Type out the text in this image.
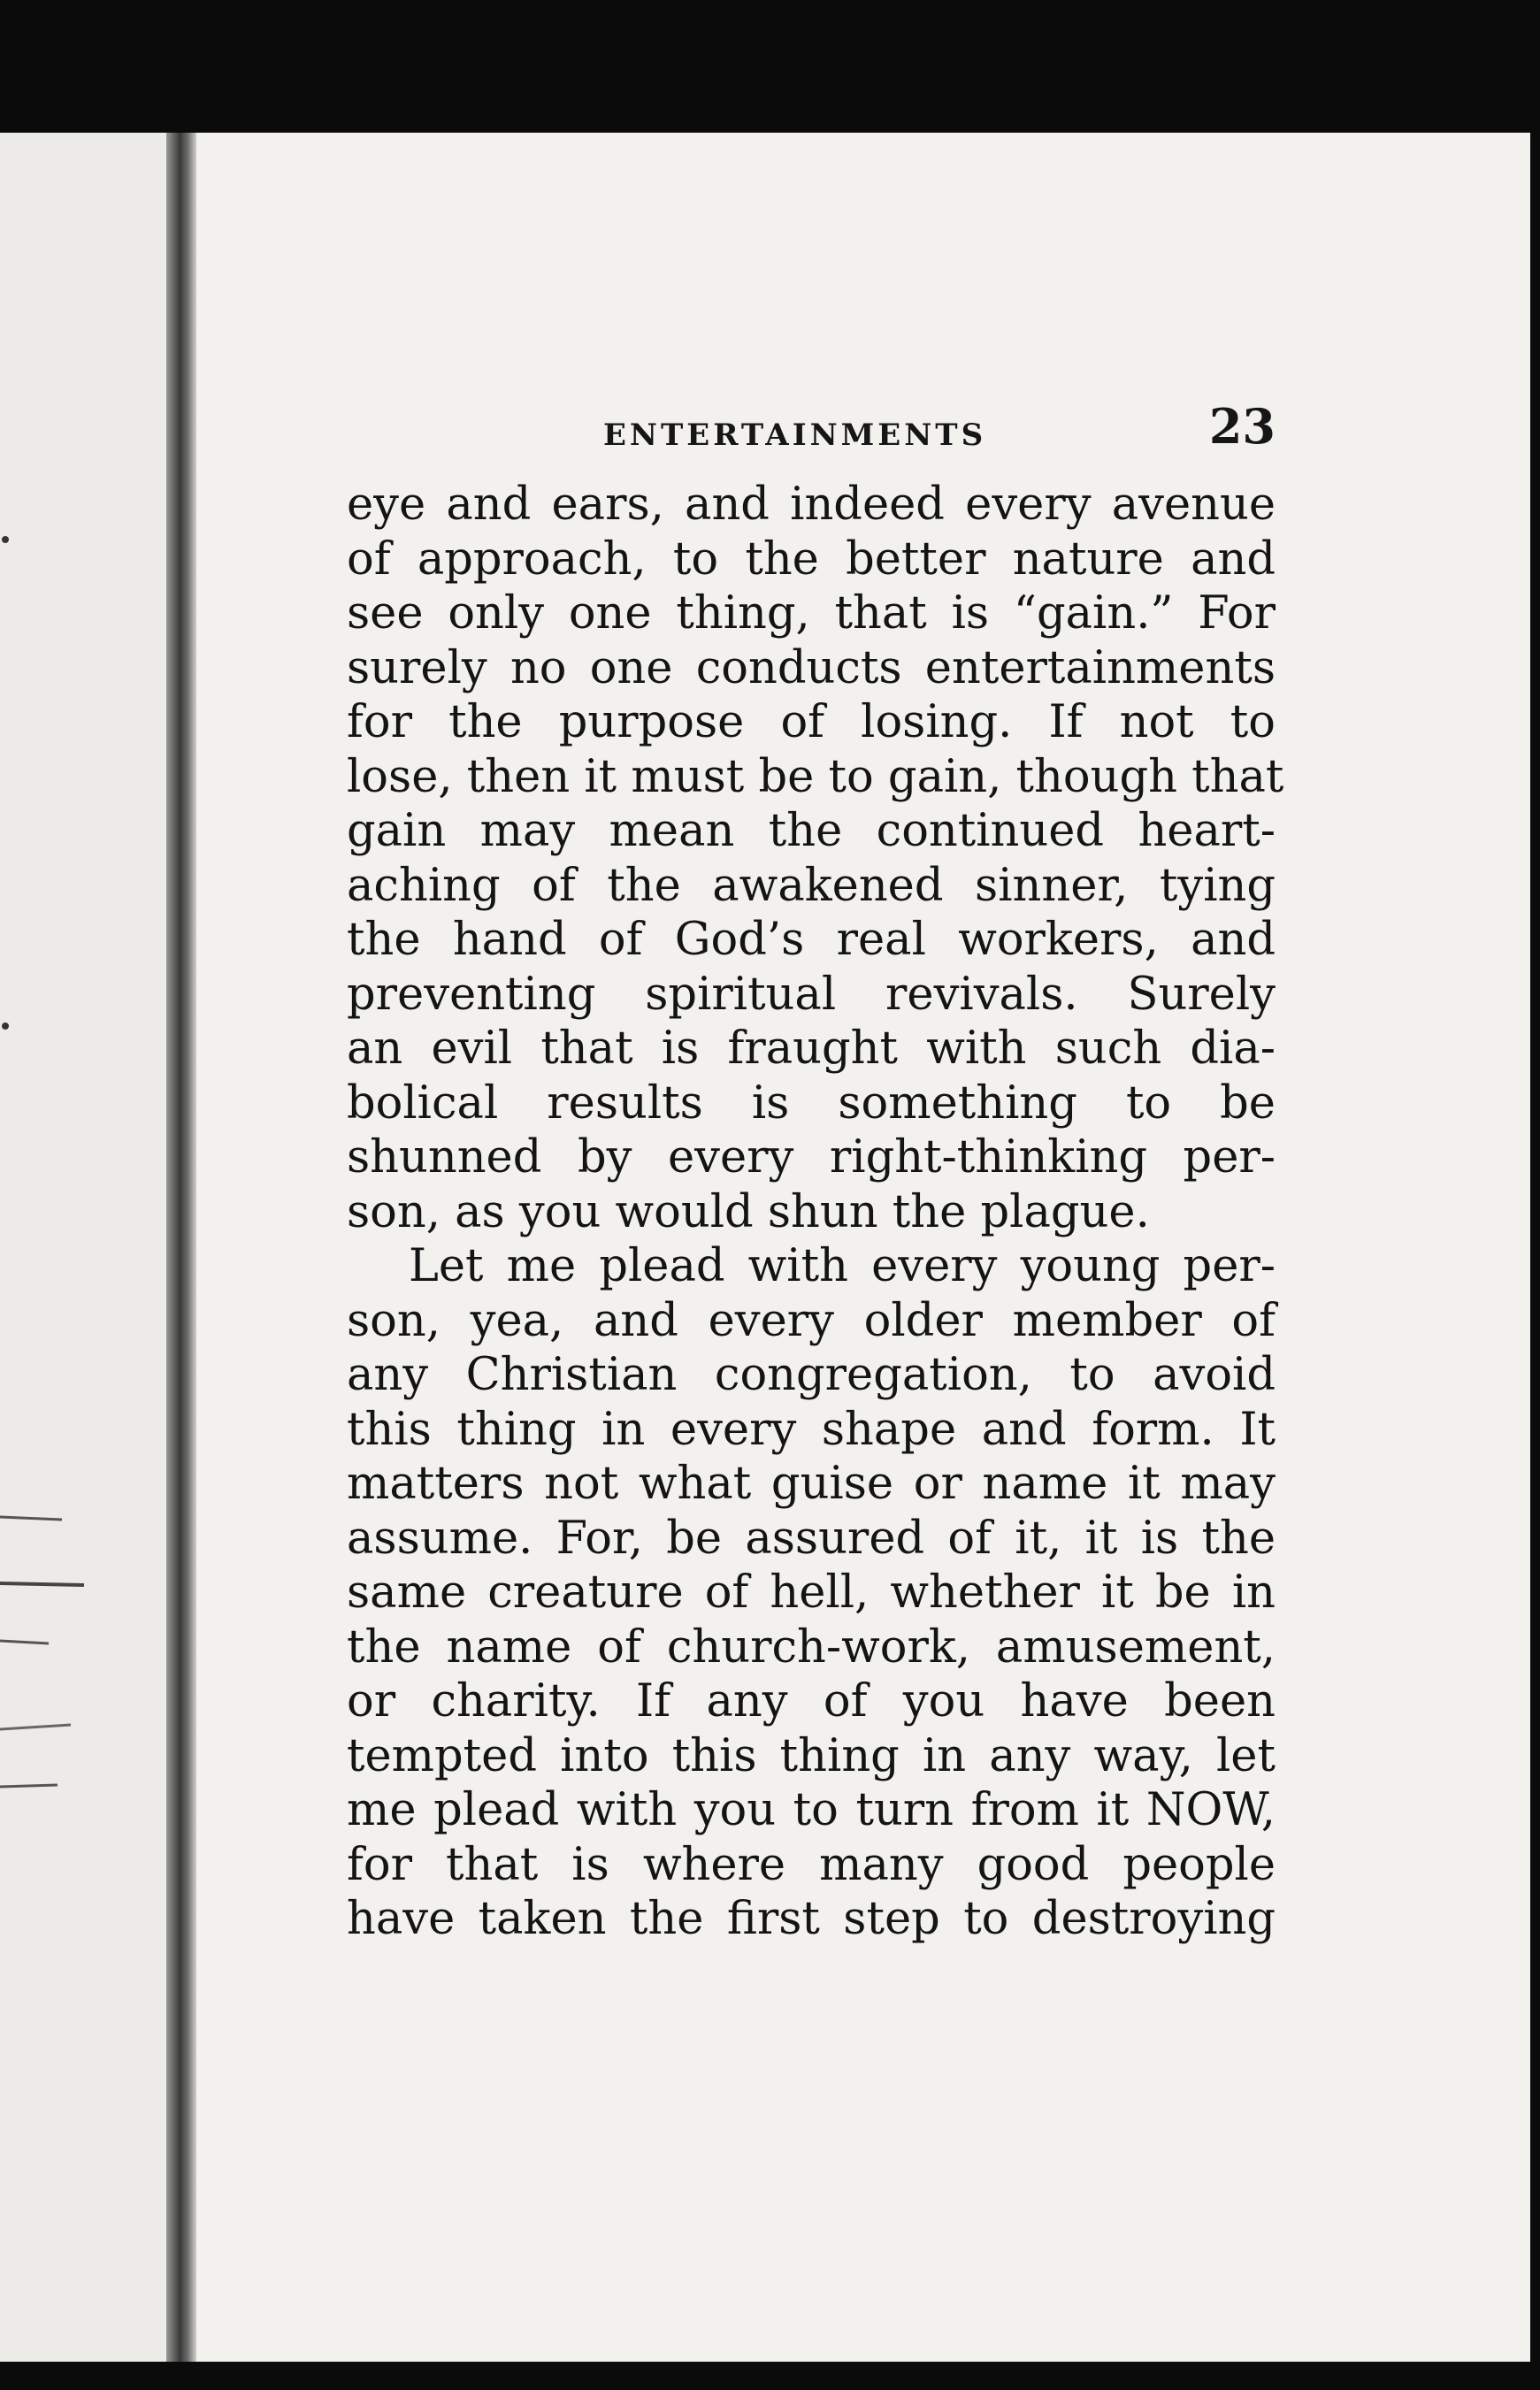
ENTERTAINMENTS	23
eye and ears, and indeed every avenue
of approach, to the better nature and
see only one thing, that is “gain.” For
surely no one conducts entertainments
for the purpose of losing. If not to
lose, then it must be to gain, though that
gain may mean the continued heart-
aching of the awakened sinner, tying
the hand of God’s real workers, and
preventing spiritual revivals. Surely
an evil that is fraught with such dia-
bolical results is something to be
shunned by every right-thinking per-
son, as you would shun the plague.
Let me plead with every young per-
son, yea, and every older member of
any Christian congregation, to avoid
this thing in every shape and form. It
matters not what guise or name it may
assume. For, be assured of it, it is the
same creature of hell, whether it be in
the name of church-work, amusement,
or charity. If any of you have been
tempted into this thing in any way, let
me plead with you to turn from it NOW,
for that is where many good people
have taken the first step to destroying
